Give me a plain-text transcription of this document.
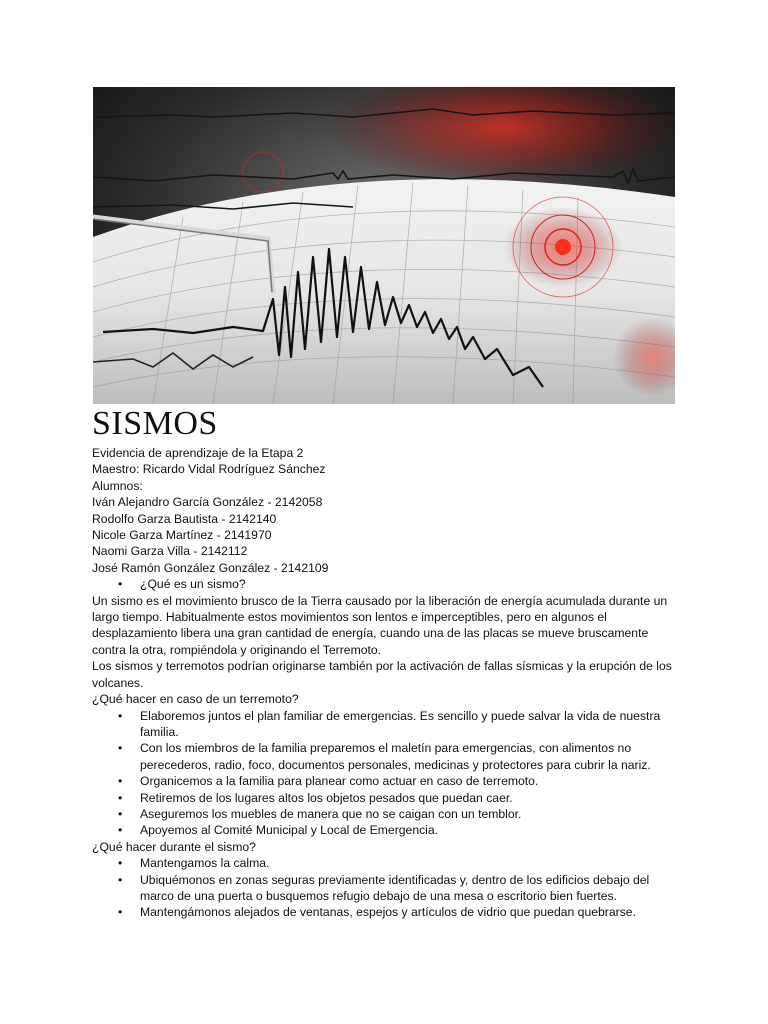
SISMOS

Evidencia de aprendizaje de la Etapa 2

Maestro: Ricardo Vidal Rodríguez Sánchez

Alumnos:

Iván Alejandro García González - 2142058

Rodolfo Garza Bautista - 2142140

Nicole Garza Martínez - 2141970

Naomi Garza Villa - 2142112

José Ramón González González - 2142109

• ¿Qué es un sismo?

Un sismo es el movimiento brusco de la Tierra causado por la liberación de energía acumulada durante un largo tiempo. Habitualmente estos movimientos son lentos e imperceptibles, pero en algunos el desplazamiento libera una gran cantidad de energía, cuando una de las placas se mueve bruscamente contra la otra, rompiéndola y originando el Terremoto.

Los sismos y terremotos podrían originarse también por la activación de fallas sísmicas y la erupción de los volcanes.

¿Qué hacer en caso de un terremoto?

• Elaboremos juntos el plan familiar de emergencias. Es sencillo y puede salvar la vida de nuestra familia.
• Con los miembros de la familia preparemos el maletín para emergencias, con alimentos no perecederos, radio, foco, documentos personales, medicinas y protectores para cubrir la nariz.
• Organicemos a la familia para planear como actuar en caso de terremoto.
• Retiremos de los lugares altos los objetos pesados que puedan caer.
• Aseguremos los muebles de manera que no se caigan con un temblor.
• Apoyemos al Comité Municipal y Local de Emergencia.

¿Qué hacer durante el sismo?

• Mantengamos la calma.
• Ubiquémonos en zonas seguras previamente identificadas y, dentro de los edificios debajo del marco de una puerta o busquemos refugio debajo de una mesa o escritorio bien fuertes.
• Mantengámonos alejados de ventanas, espejos y artículos de vidrio que puedan quebrarse.
